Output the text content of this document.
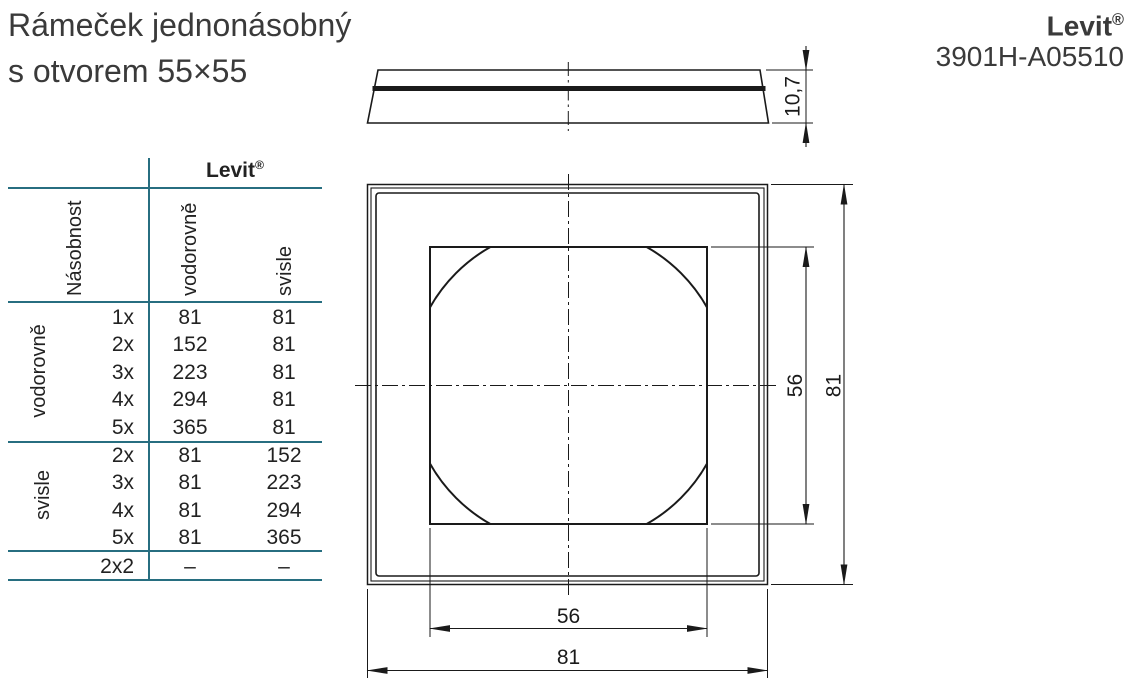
Rámeček jednonásobný
s otvorem 55×55
Levit®
3901H-A05510
Levit®
Násobnost	vodorovně	svisle
vodorovně
svisle
1x	81	81
2x	152	81
3x	223	81
4x	294	81
5x	365	81
2x	81	152
3x	81	223
4x	81	294
5x	81	365
2x2	–	–
10,7
56 81
56
81
